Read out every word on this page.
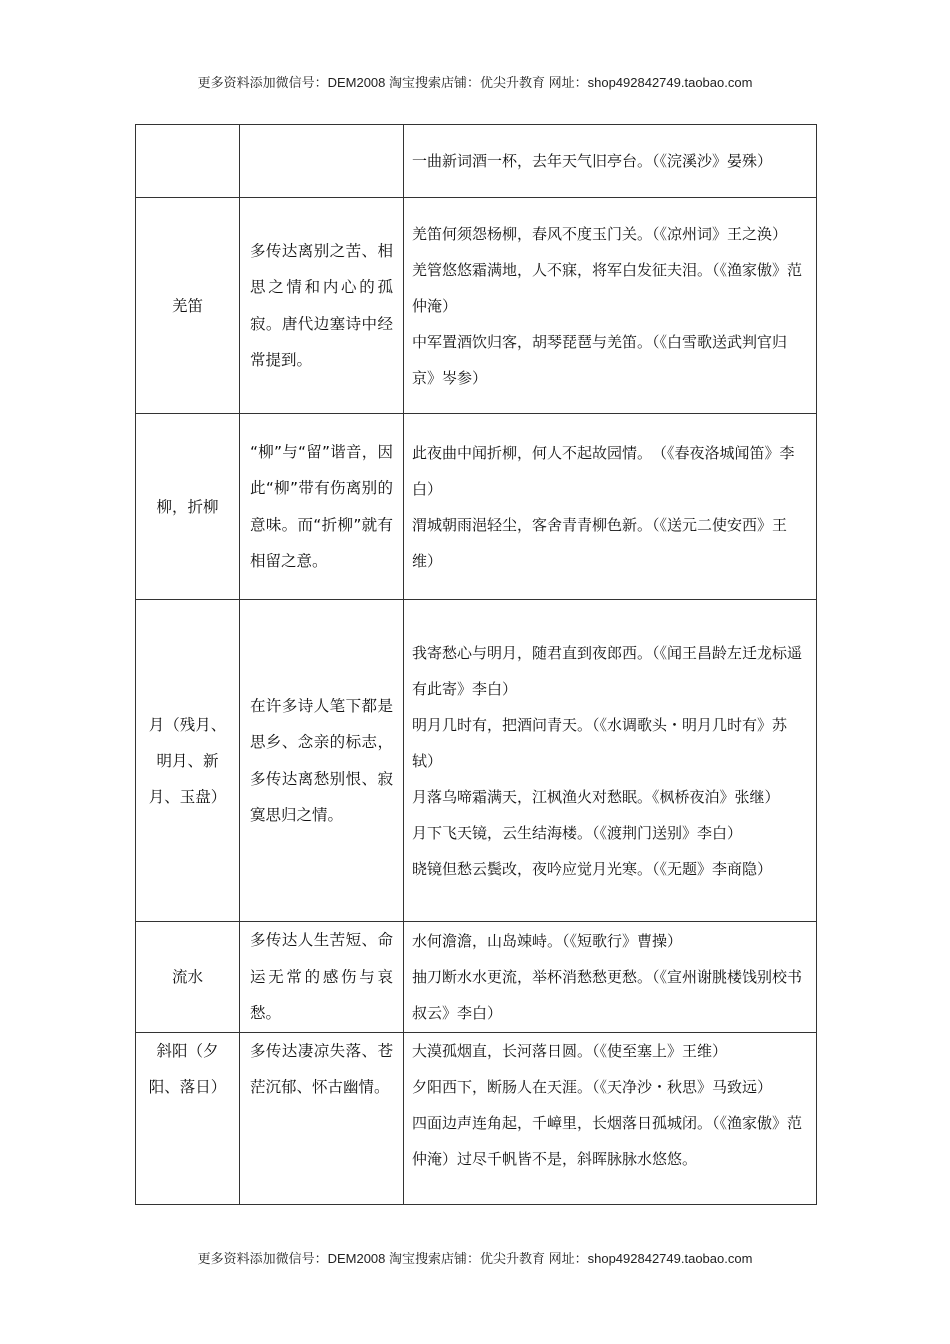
更多资料添加微信号：DEM2008 淘宝搜索店铺：优尖升教育 网址：shop492842749.taobao.com

		一曲新词酒一杯，去年天气旧亭台。（《浣溪沙》晏殊）

羌笛	多传达离别之苦、相思之情和内心的孤寂。唐代边塞诗中经常提到。	羌笛何须怨杨柳，春风不度玉门关。（《凉州词》王之涣）
羌管悠悠霜满地，人不寐，将军白发征夫泪。（《渔家傲》范仲淹）
中军置酒饮归客，胡琴琵琶与羌笛。（《白雪歌送武判官归京》岑参）

柳，折柳	“柳”与“留”谐音，因此“柳”带有伤离别的意味。而“折柳”就有相留之意。	此夜曲中闻折柳，何人不起故园情。　（《春夜洛城闻笛》李白）
渭城朝雨浥轻尘，客舍青青柳色新。（《送元二使安西》王维）

月（残月、明月、新月、玉盘）	在许多诗人笔下都是思乡、念亲的标志，多传达离愁别恨、寂寞思归之情。	我寄愁心与明月，随君直到夜郎西。（《闻王昌龄左迁龙标遥有此寄》李白）
明月几时有，把酒问青天。（《水调歌头・明月几时有》苏轼）
月落乌啼霜满天，江枫渔火对愁眠。《枫桥夜泊》张继）
月下飞天镜，云生结海楼。（《渡荆门送别》李白）
晓镜但愁云鬓改，夜吟应觉月光寒。（《无题》李商隐）

流水	多传达人生苦短、命运无常的感伤与哀愁。	水何澹澹，山岛竦峙。（《短歌行》曹操）
抽刀断水水更流，举杯消愁愁更愁。（《宣州谢朓楼饯别校书叔云》李白）

斜阳（夕阳、落日）	多传达凄凉失落、苍茫沉郁、怀古幽情。	大漠孤烟直，长河落日圆。（《使至塞上》王维）
夕阳西下，断肠人在天涯。（《天净沙・秋思》马致远）
四面边声连角起，千嶂里，长烟落日孤城闭。（《渔家傲》范仲淹）过尽千帆皆不是，斜晖脉脉水悠悠。
更多资料添加微信号：DEM2008 淘宝搜索店铺：优尖升教育 网址：shop492842749.taobao.com
